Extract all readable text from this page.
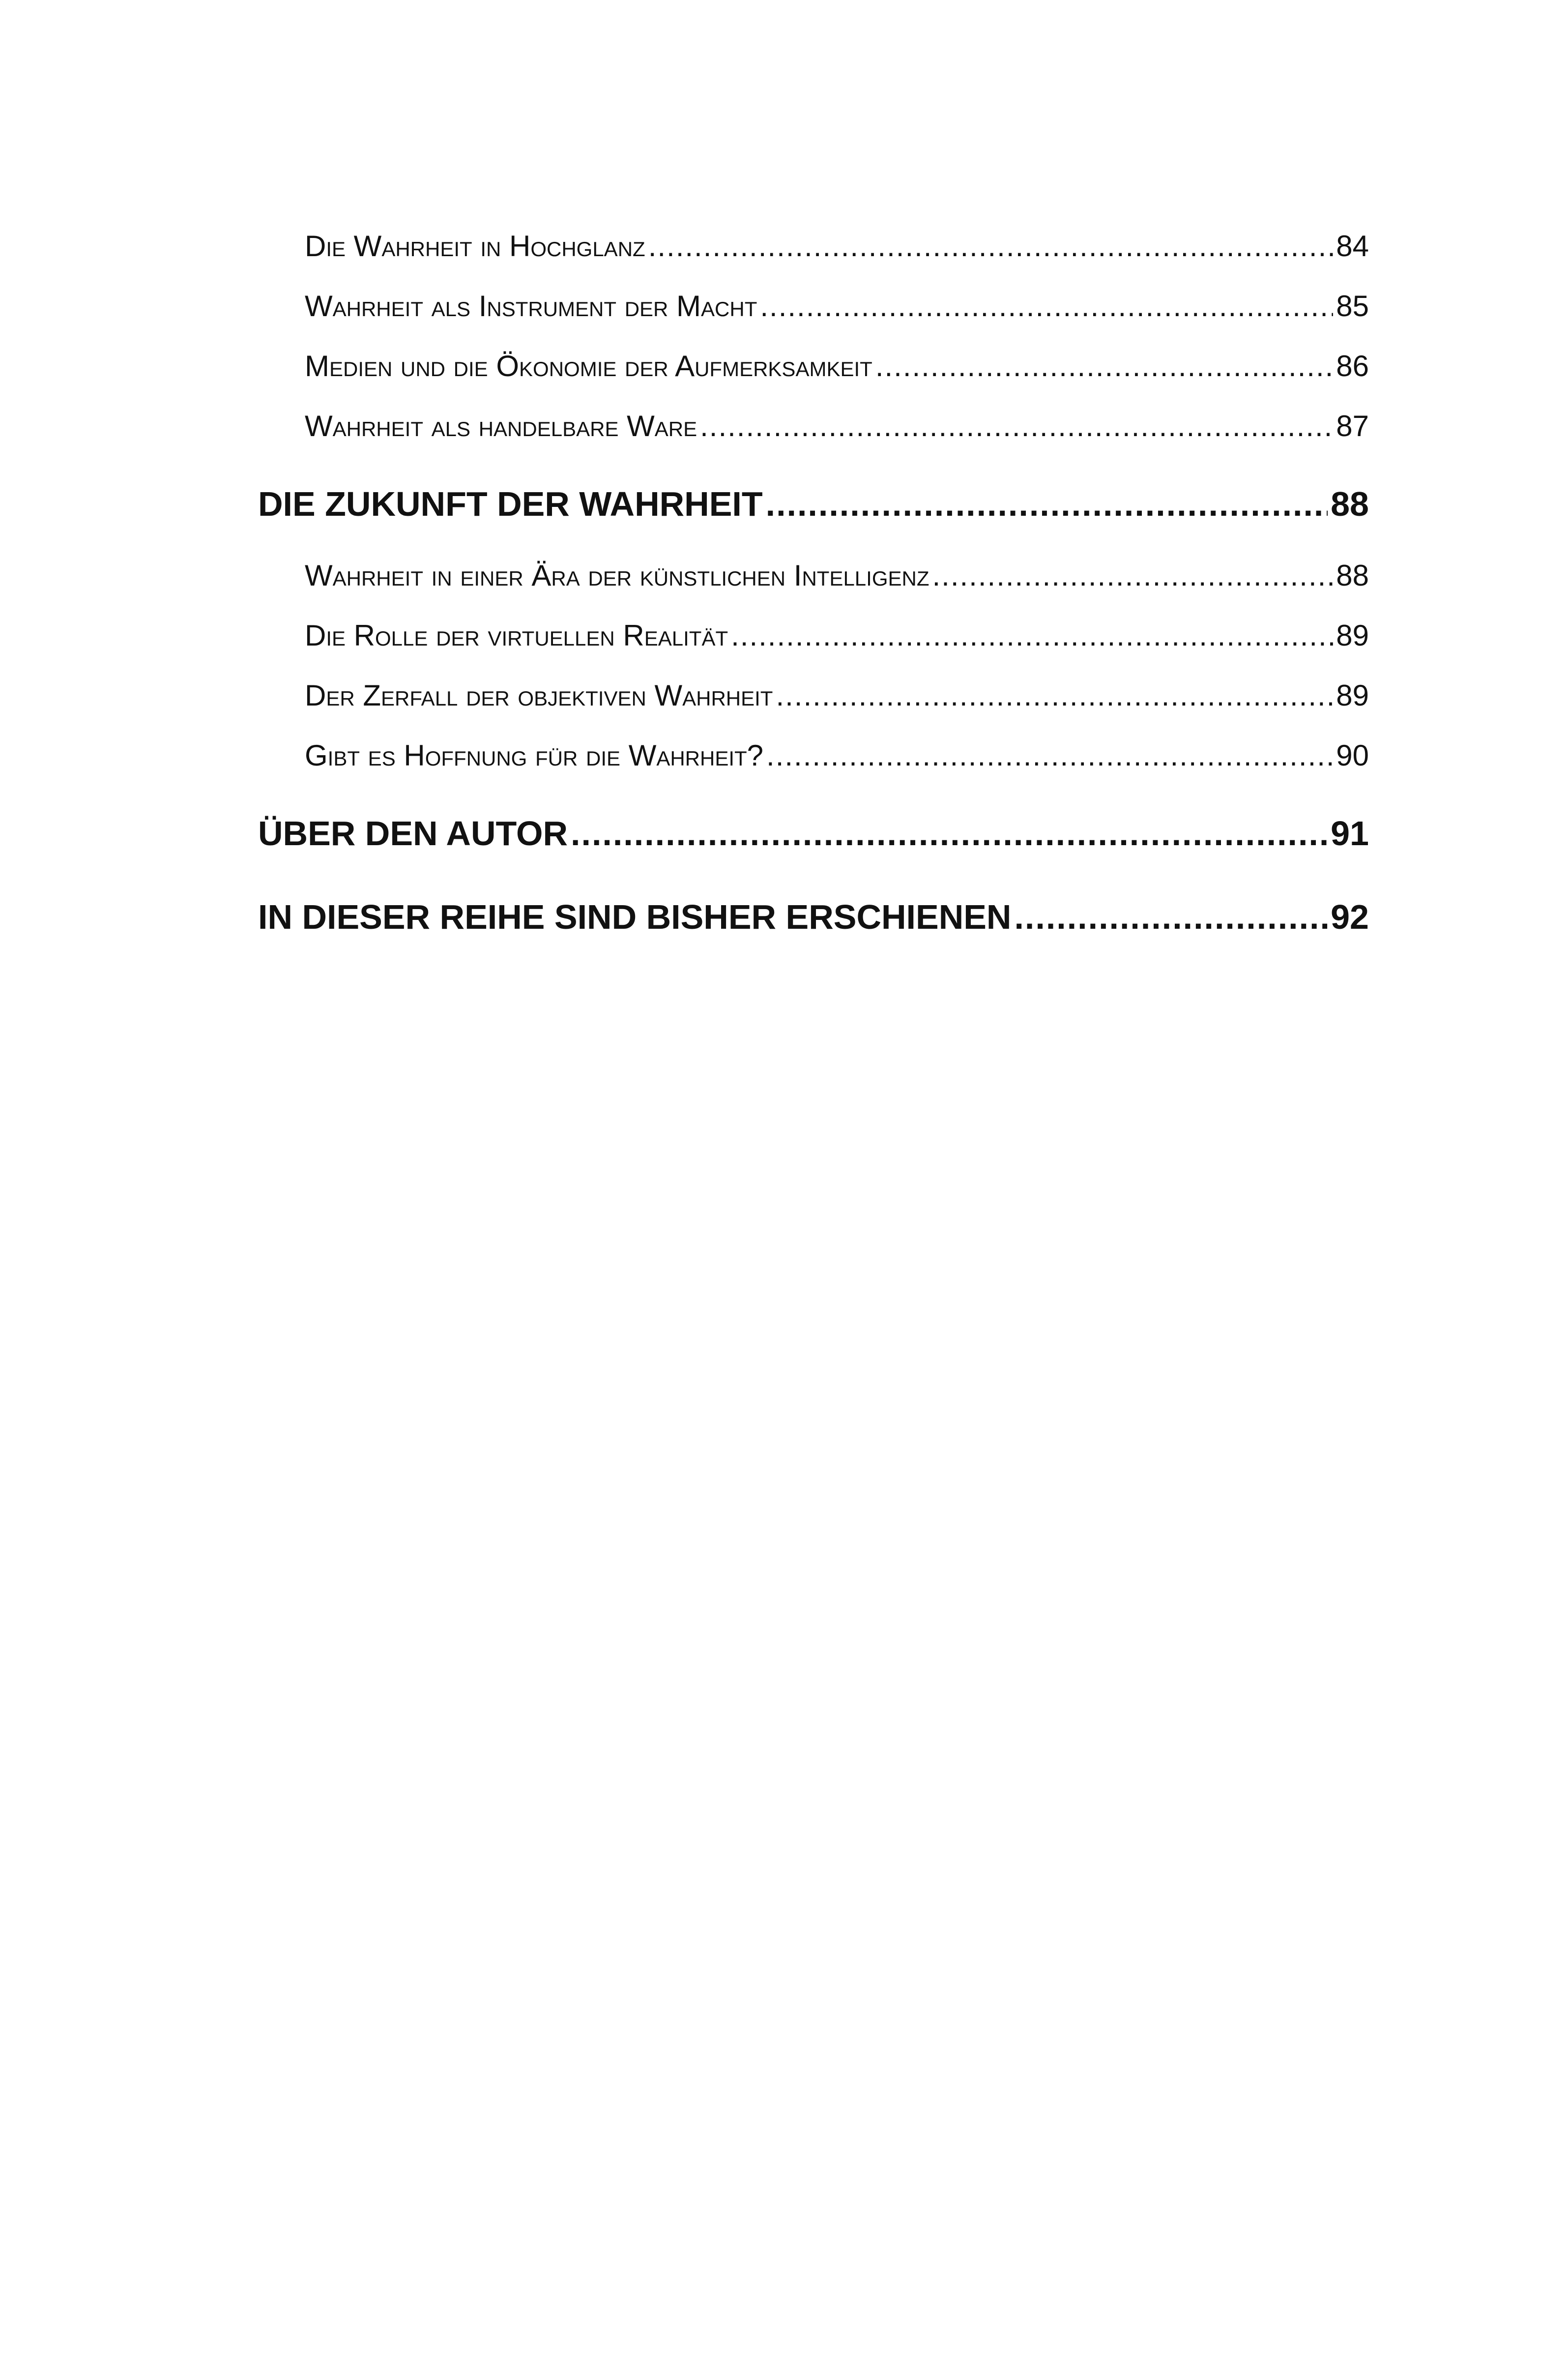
Die Wahrheit in Hochglanz .....	84
Wahrheit als Instrument der Macht .....	85
Medien und die Ökonomie der Aufmerksamkeit .....	86
Wahrheit als handelbare Ware .....	87
DIE ZUKUNFT DER WAHRHEIT .....	88
Wahrheit in einer Ära der künstlichen Intelligenz .....	88
Die Rolle der virtuellen Realität .....	89
Der Zerfall der objektiven Wahrheit .....	89
Gibt es Hoffnung für die Wahrheit? .....	90
ÜBER DEN AUTOR .....	91
IN DIESER REIHE SIND BISHER ERSCHIENEN .....	92
